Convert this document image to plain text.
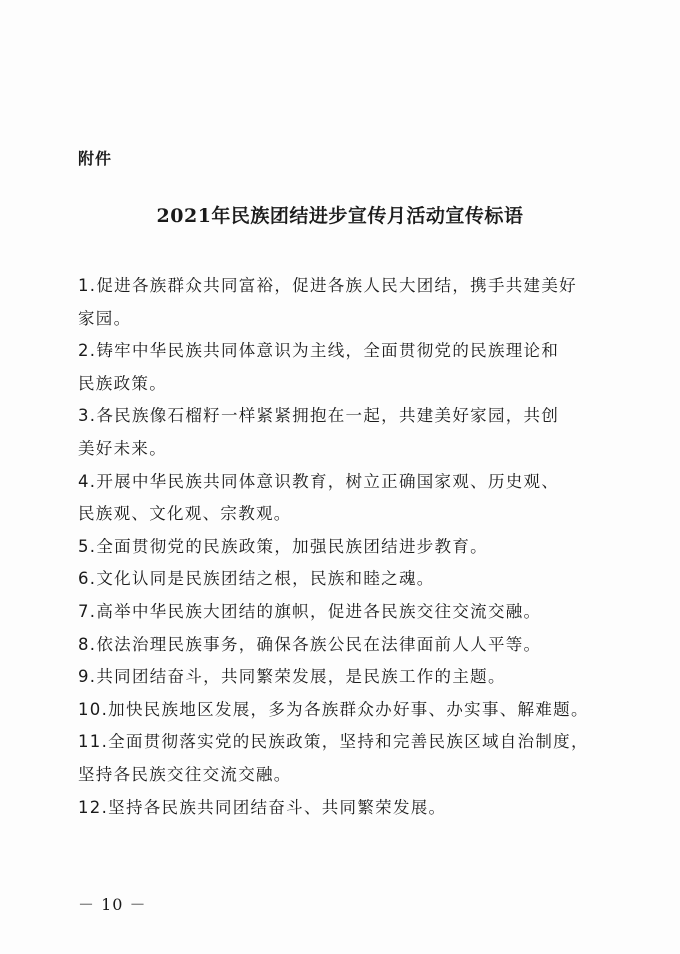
附件
2021年民族团结进步宣传月活动宣传标语
1.促进各族群众共同富裕，促进各族人民大团结，携手共建美好
家园。
2.铸牢中华民族共同体意识为主线，全面贯彻党的民族理论和
民族政策。
3.各民族像石榴籽一样紧紧拥抱在一起，共建美好家园，共创
美好未来。
4.开展中华民族共同体意识教育，树立正确国家观、历史观、
民族观、文化观、宗教观。
5.全面贯彻党的民族政策，加强民族团结进步教育。
6.文化认同是民族团结之根，民族和睦之魂。
7.高举中华民族大团结的旗帜，促进各民族交往交流交融。
8.依法治理民族事务，确保各族公民在法律面前人人平等。
9.共同团结奋斗，共同繁荣发展，是民族工作的主题。
10.加快民族地区发展，多为各族群众办好事、办实事、解难题。
11.全面贯彻落实党的民族政策，坚持和完善民族区域自治制度，
坚持各民族交往交流交融。
12.坚持各民族共同团结奋斗、共同繁荣发展。
－ 10 －
